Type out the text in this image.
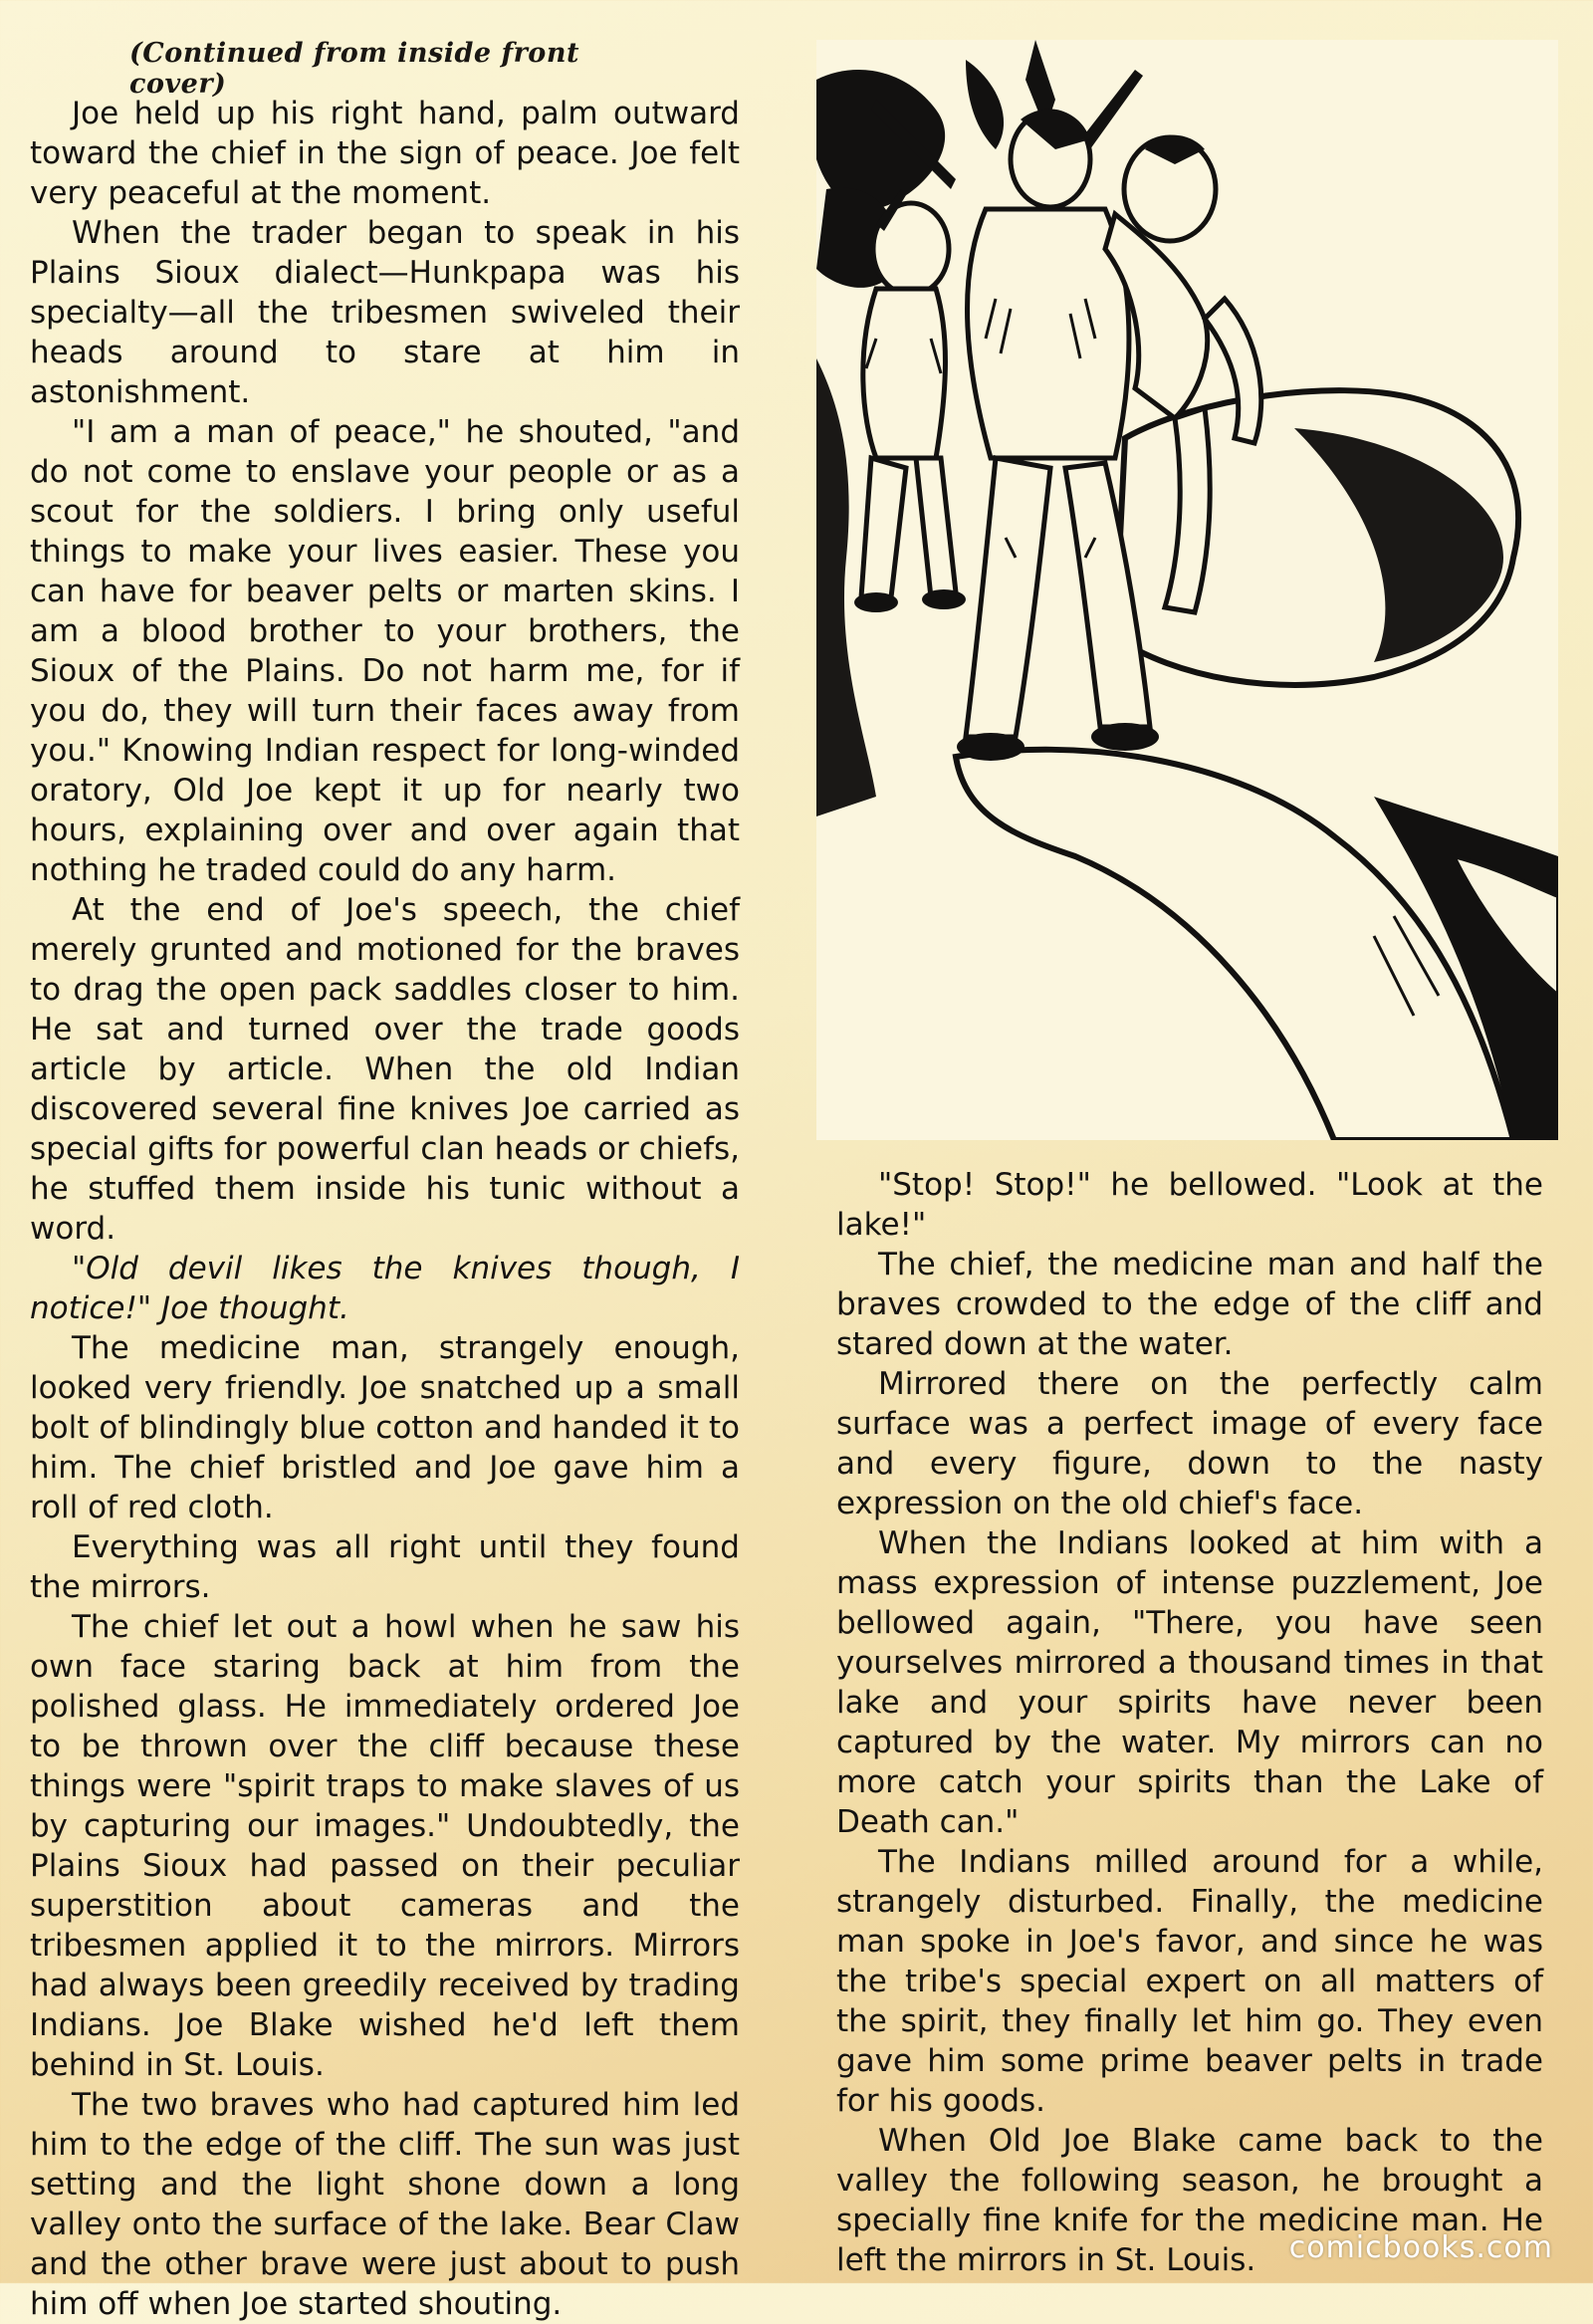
(Continued from inside front cover)

Joe held up his right hand, palm outward toward the chief in the sign of peace. Joe felt very peaceful at the moment.

When the trader began to speak in his Plains Sioux dialect—Hunkpapa was his specialty—all the tribesmen swiveled their heads around to stare at him in astonishment.

"I am a man of peace," he shouted, "and do not come to enslave your people or as a scout for the soldiers. I bring only useful things to make your lives easier. These you can have for beaver pelts or marten skins. I am a blood brother to your brothers, the Sioux of the Plains. Do not harm me, for if you do, they will turn their faces away from you." Knowing Indian respect for long-winded oratory, Old Joe kept it up for nearly two hours, explaining over and over again that nothing he traded could do any harm.

At the end of Joe's speech, the chief merely grunted and motioned for the braves to drag the open pack saddles closer to him. He sat and turned over the trade goods article by article. When the old Indian discovered several fine knives Joe carried as special gifts for powerful clan heads or chiefs, he stuffed them inside his tunic without a word.

"Old devil likes the knives though, I notice!" Joe thought.

The medicine man, strangely enough, looked very friendly. Joe snatched up a small bolt of blindingly blue cotton and handed it to him. The chief bristled and Joe gave him a roll of red cloth.

Everything was all right until they found the mirrors.

The chief let out a howl when he saw his own face staring back at him from the polished glass. He immediately ordered Joe to be thrown over the cliff because these things were "spirit traps to make slaves of us by capturing our images." Undoubtedly, the Plains Sioux had passed on their peculiar superstition about cameras and the tribesmen applied it to the mirrors. Mirrors had always been greedily received by trading Indians. Joe Blake wished he'd left them behind in St. Louis.

The two braves who had captured him led him to the edge of the cliff. The sun was just setting and the light shone down a long valley onto the surface of the lake. Bear Claw and the other brave were just about to push him off when Joe started shouting.

"Stop! Stop!" he bellowed. "Look at the lake!"

The chief, the medicine man and half the braves crowded to the edge of the cliff and stared down at the water.

Mirrored there on the perfectly calm surface was a perfect image of every face and every figure, down to the nasty expression on the old chief's face.

When the Indians looked at him with a mass expression of intense puzzlement, Joe bellowed again, "There, you have seen yourselves mirrored a thousand times in that lake and your spirits have never been captured by the water. My mirrors can no more catch your spirits than the Lake of Death can."

The Indians milled around for a while, strangely disturbed. Finally, the medicine man spoke in Joe's favor, and since he was the tribe's special expert on all matters of the spirit, they finally let him go. They even gave him some prime beaver pelts in trade for his goods.

When Old Joe Blake came back to the valley the following season, he brought a specially fine knife for the medicine man. He left the mirrors in St. Louis.	comicbooks.com
